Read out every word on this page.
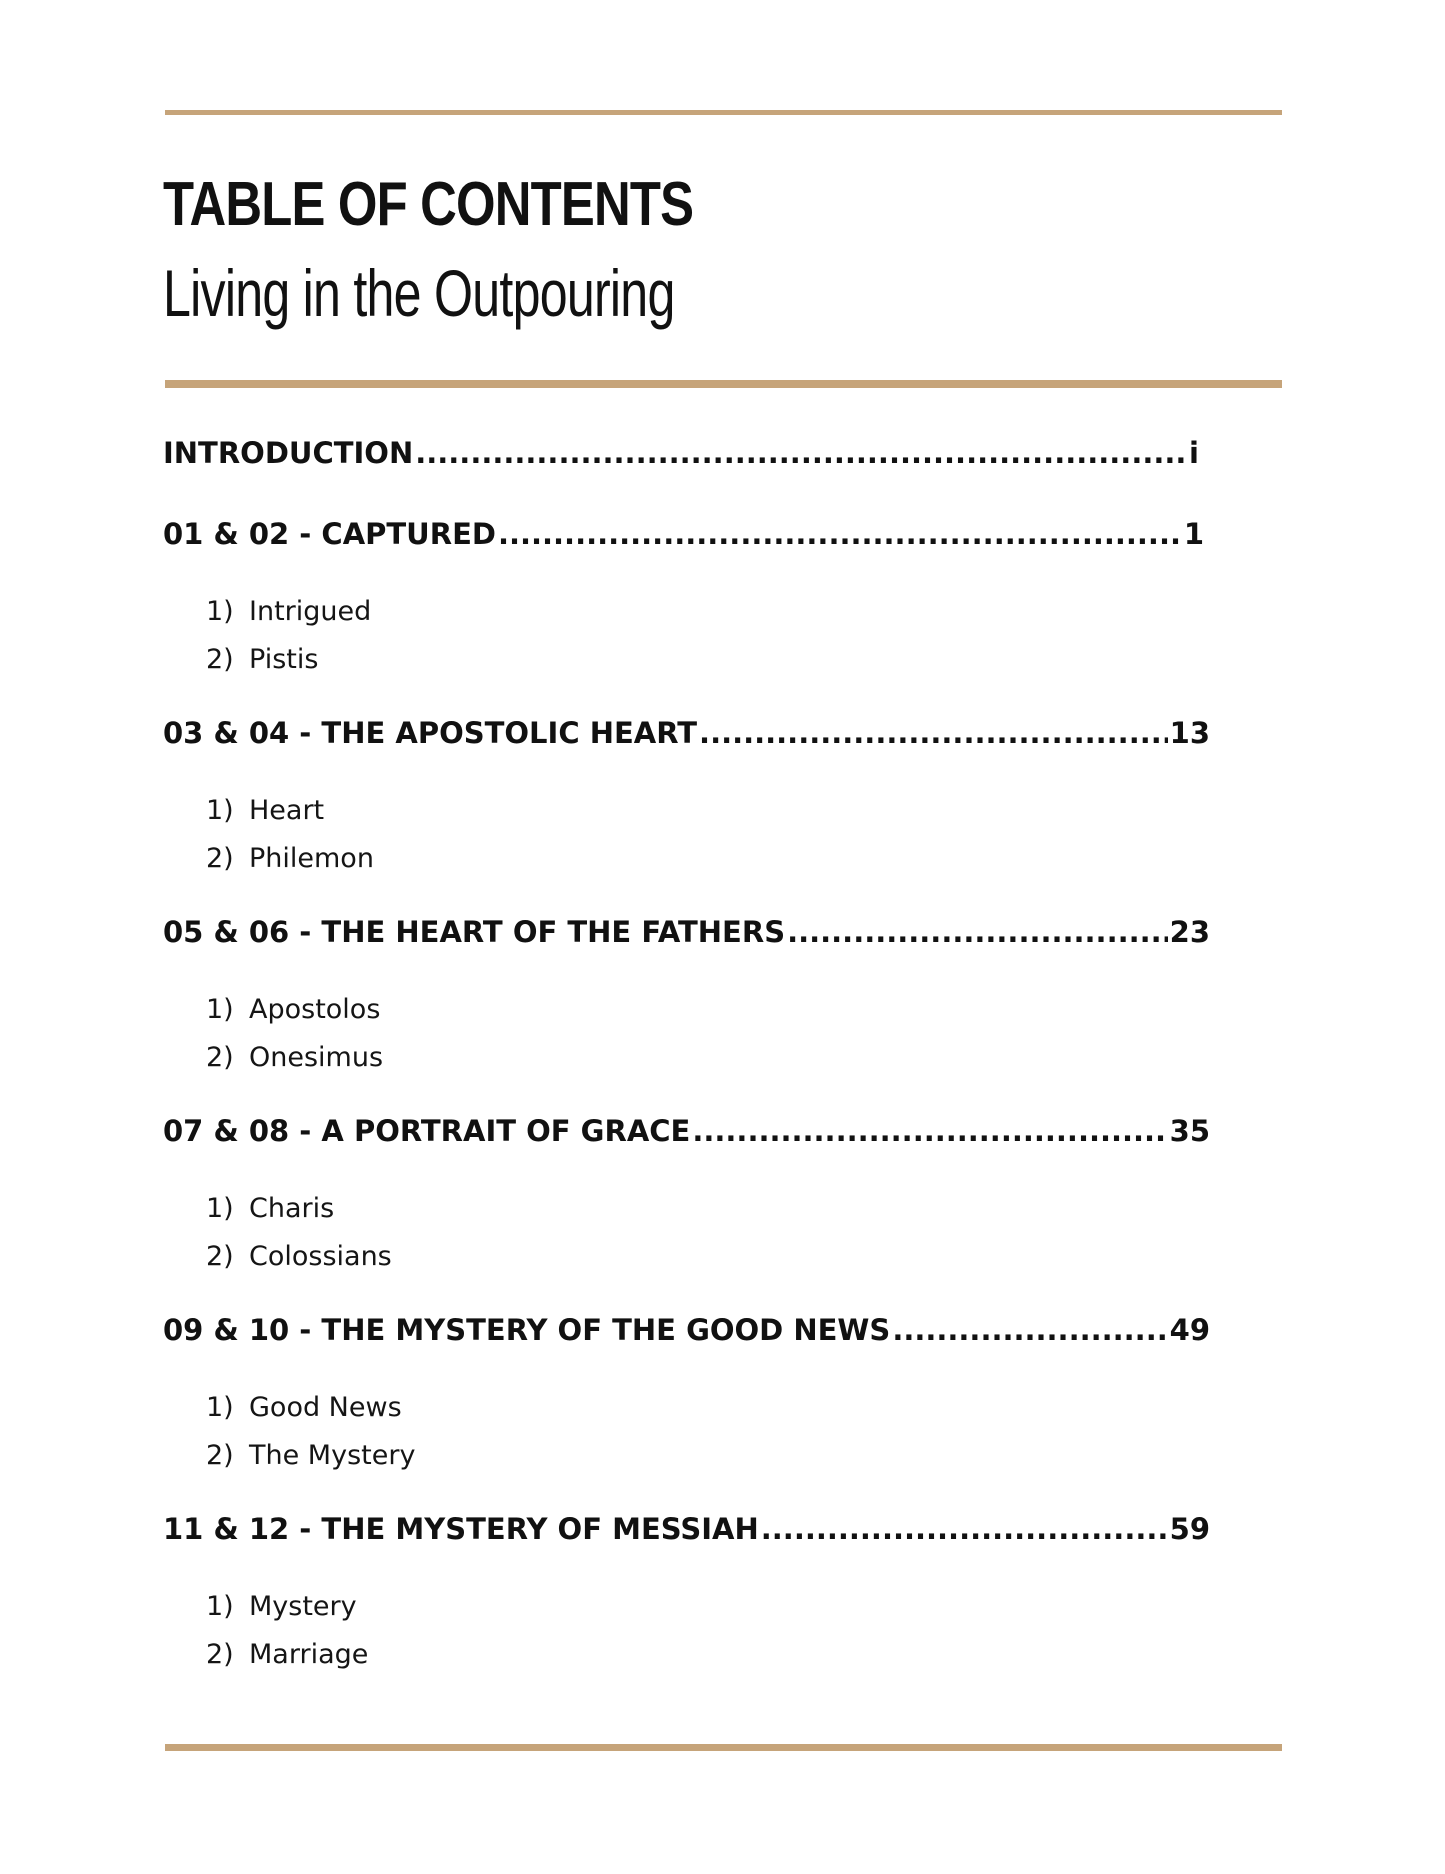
TABLE OF CONTENTS
Living in the Outpouring
INTRODUCTION .....	i
01 & 02 - CAPTURED .....	1
1) Intrigued
2) Pistis
03 & 04 - THE APOSTOLIC HEART .....	13
1) Heart
2) Philemon
05 & 06 - THE HEART OF THE FATHERS .....	23
1) Apostolos
2) Onesimus
07 & 08 - A PORTRAIT OF GRACE .....	35
1) Charis
2) Colossians
09 & 10 - THE MYSTERY OF THE GOOD NEWS .....	49
1) Good News
2) The Mystery
11 & 12 - THE MYSTERY OF MESSIAH .....	59
1) Mystery
2) Marriage
